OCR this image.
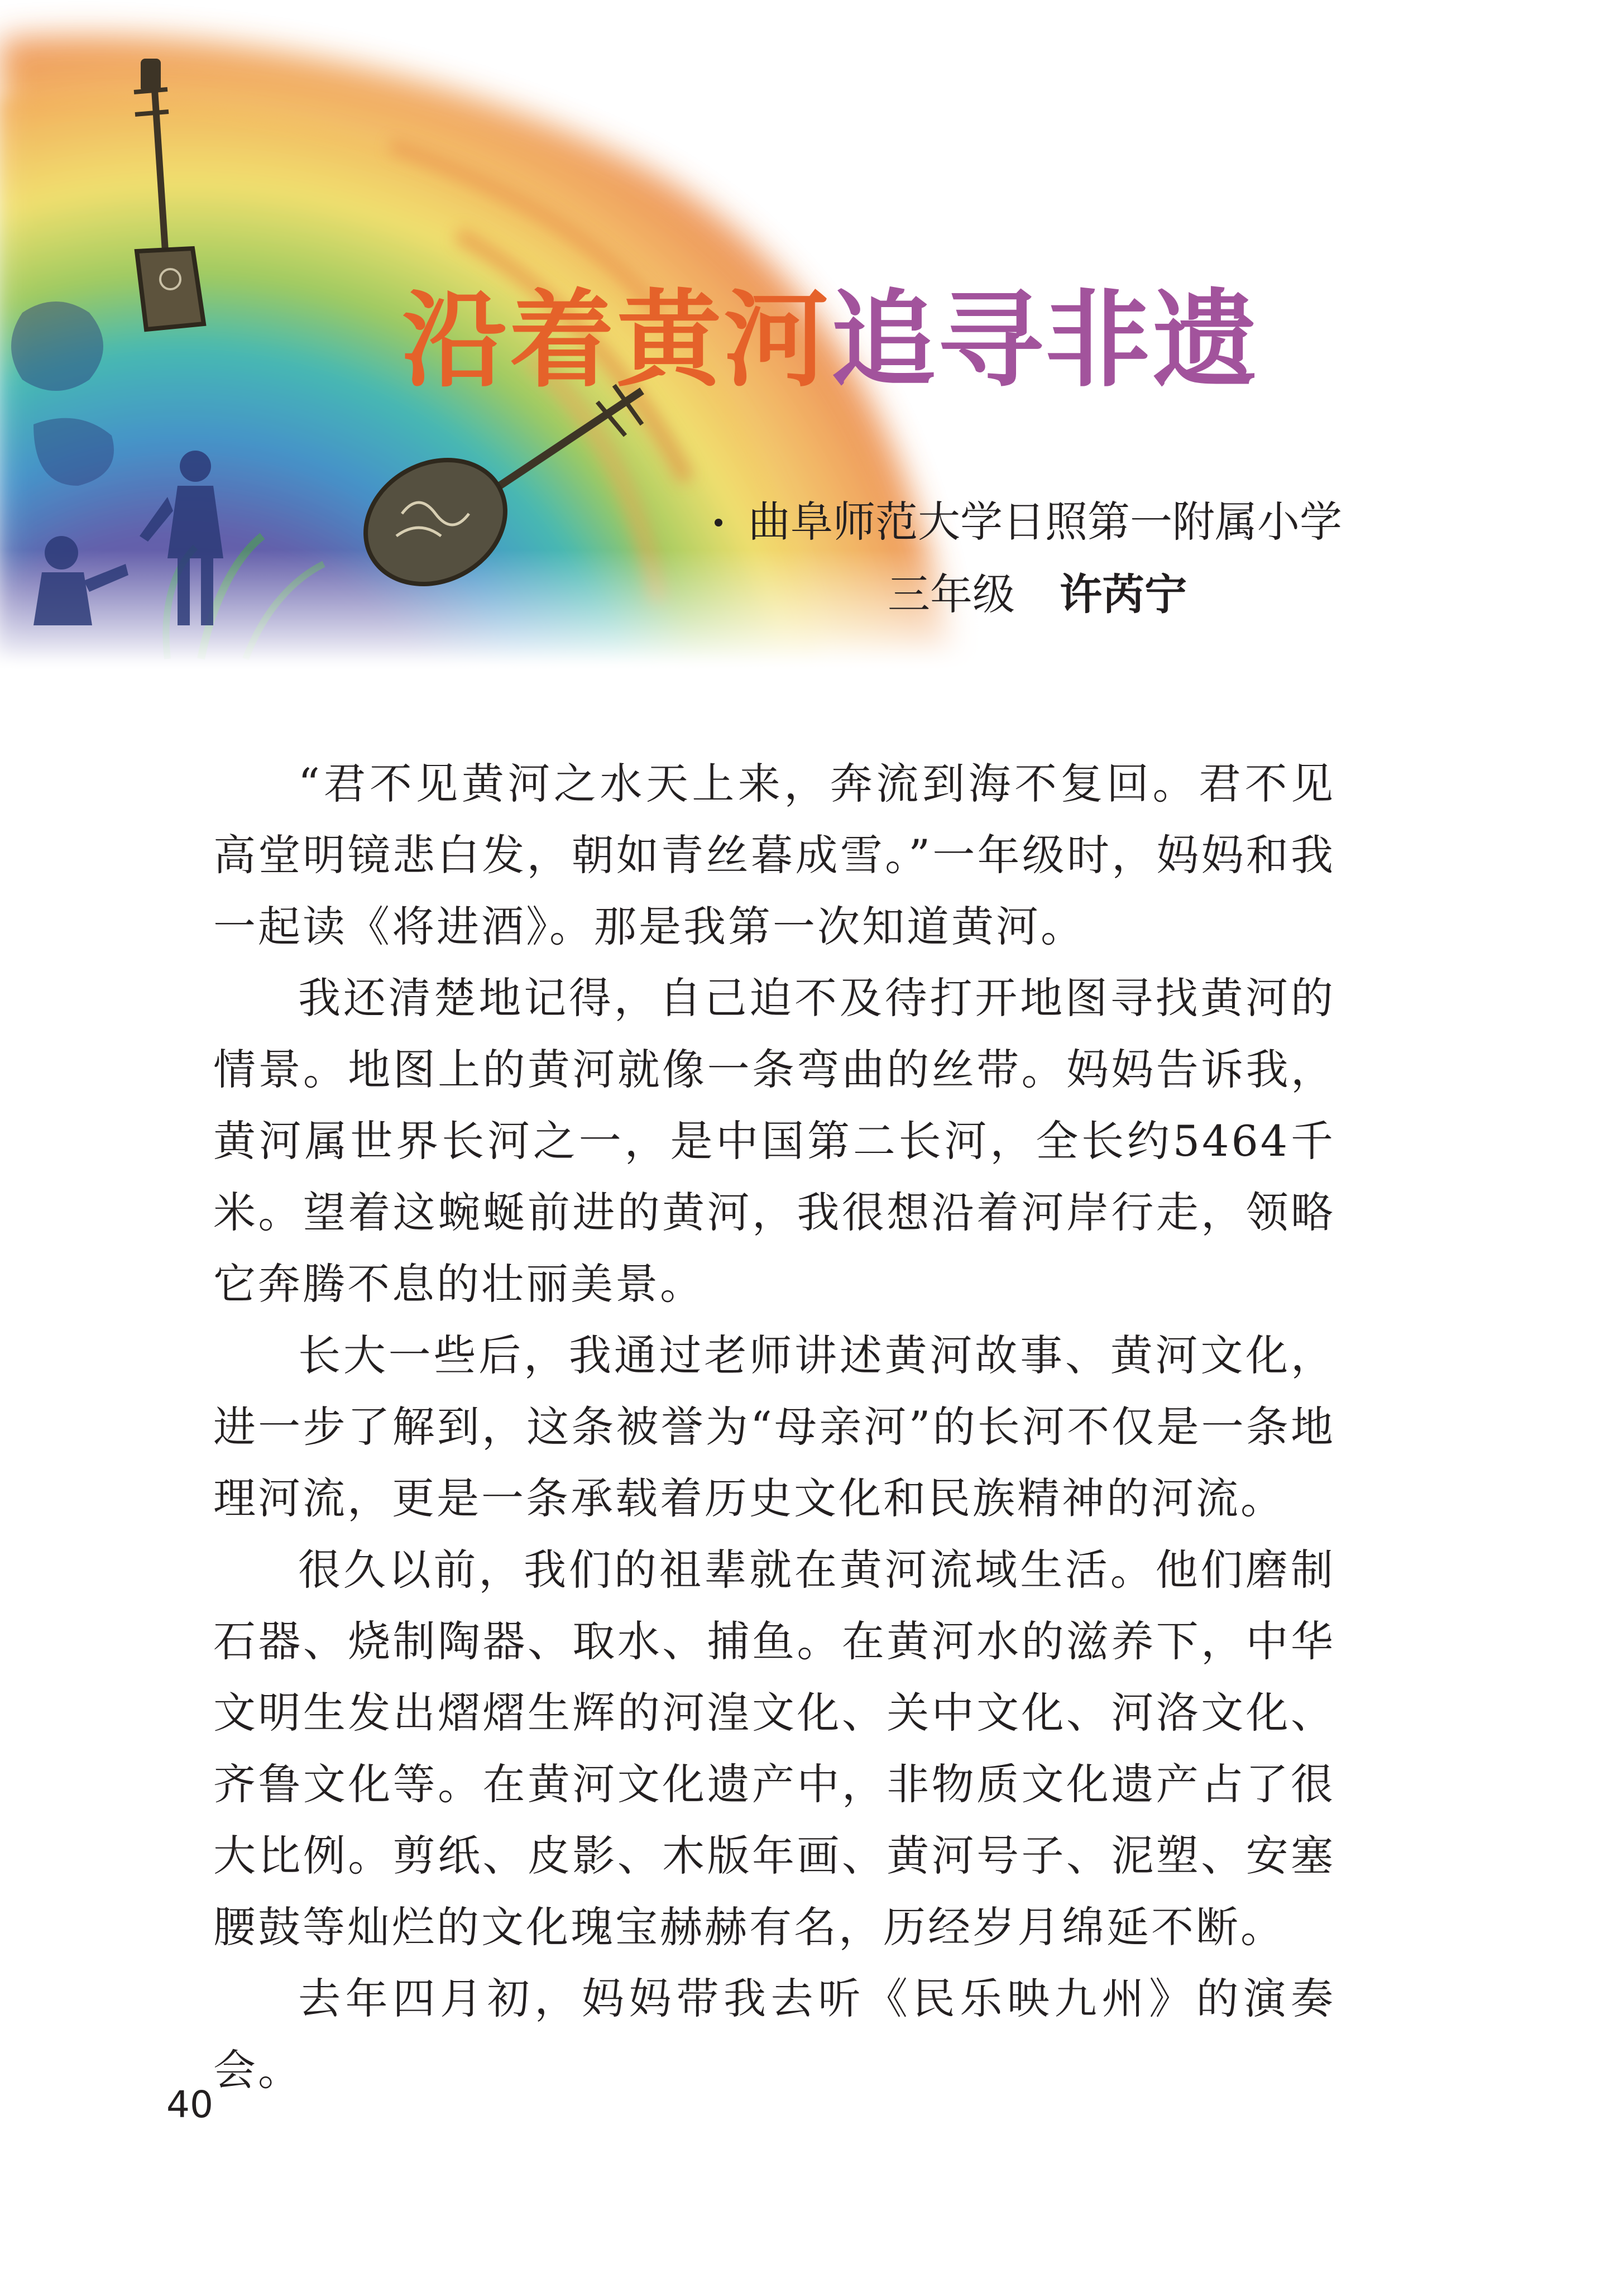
沿着黄河追寻非遗
曲阜师范大学日照第一附属小学
三年级 许芮宁

“君不见黄河之水天上来，奔流到海不复回。君不见高堂明镜悲白发，朝如青丝暮成雪。”一年级时，妈妈和我一起读《将进酒》。那是我第一次知道黄河。

我还清楚地记得，自己迫不及待打开地图寻找黄河的情景。地图上的黄河就像一条弯曲的丝带。妈妈告诉我，黄河属世界长河之一，是中国第二长河，全长约5464千米。望着这蜿蜒前进的黄河，我很想沿着河岸行走，领略它奔腾不息的壮丽美景。

长大一些后，我通过老师讲述黄河故事、黄河文化，进一步了解到，这条被誉为“母亲河”的长河不仅是一条地理河流，更是一条承载着历史文化和民族精神的河流。

很久以前，我们的祖辈就在黄河流域生活。他们磨制石器、烧制陶器、取水、捕鱼。在黄河水的滋养下，中华文明生发出熠熠生辉的河湟文化、关中文化、河洛文化、齐鲁文化等。在黄河文化遗产中，非物质文化遗产占了很大比例。剪纸、皮影、木版年画、黄河号子、泥塑、安塞腰鼓等灿烂的文化瑰宝赫赫有名，历经岁月绵延不断。

去年四月初，妈妈带我去听《民乐映九州》的演奏会。

40
